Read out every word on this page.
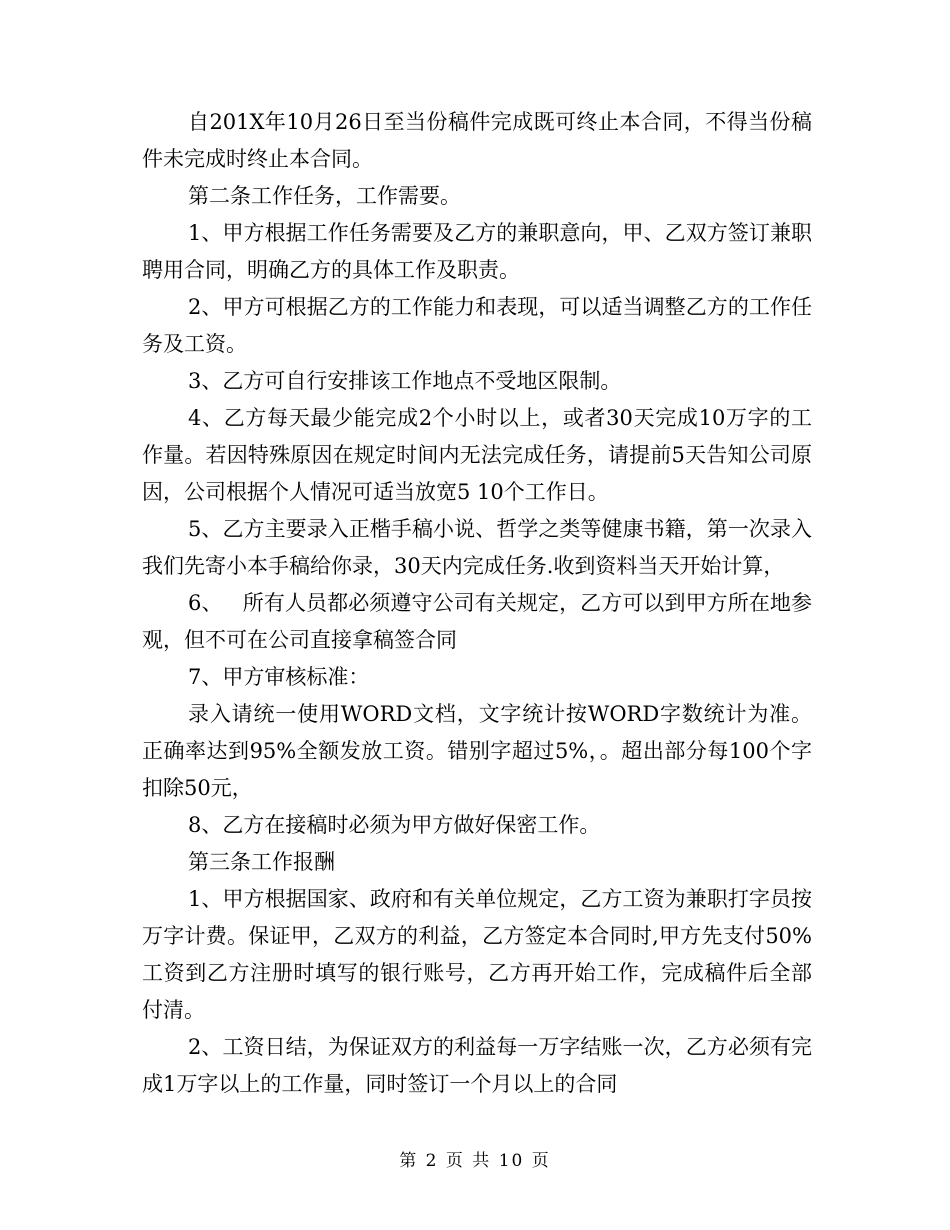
自201X年10月26日至当份稿件完成既可终止本合同，不得当份稿件未完成时终止本合同。

第二条工作任务，工作需要。

1、甲方根据工作任务需要及乙方的兼职意向，甲、乙双方签订兼职聘用合同，明确乙方的具体工作及职责。

2、甲方可根据乙方的工作能力和表现，可以适当调整乙方的工作任务及工资。

3、乙方可自行安排该工作地点不受地区限制。

4、乙方每天最少能完成2个小时以上，或者30天完成10万字的工作量。若因特殊原因在规定时间内无法完成任务，请提前5天告知公司原因，公司根据个人情况可适当放宽5 10个工作日。

5、乙方主要录入正楷手稿小说、哲学之类等健康书籍，第一次录入我们先寄小本手稿给你录，30天内完成任务.收到资料当天开始计算，

6、   所有人员都必须遵守公司有关规定，乙方可以到甲方所在地参观，但不可在公司直接拿稿签合同

7、甲方审核标准：

录入请统一使用WORD文档，文字统计按WORD字数统计为准。正确率达到95%全额发放工资。错别字超过5%，。超出部分每100个字扣除50元，

8、乙方在接稿时必须为甲方做好保密工作。

第三条工作报酬

1、甲方根据国家、政府和有关单位规定，乙方工资为兼职打字员按万字计费。保证甲，乙双方的利益，乙方签定本合同时,甲方先支付50%工资到乙方注册时填写的银行账号，乙方再开始工作，完成稿件后全部付清。

2、工资日结，为保证双方的利益每一万字结账一次，乙方必须有完成1万字以上的工作量，同时签订一个月以上的合同

第 2 页 共 10 页
